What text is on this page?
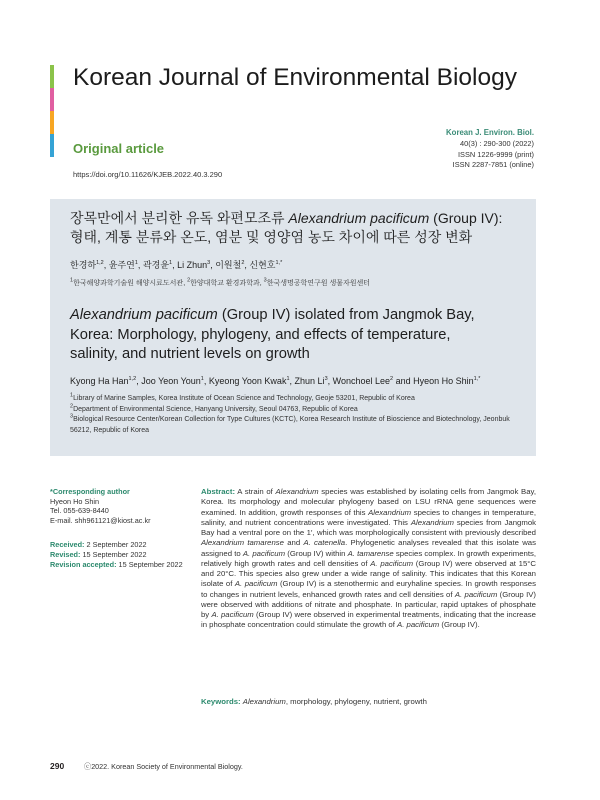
Korean Journal of Environmental Biology
Original article
https://doi.org/10.11626/KJEB.2022.40.3.290
Korean J. Environ. Biol.
40(3) : 290-300 (2022)
ISSN 1226-9999 (print)
ISSN 2287-7851 (online)
장목만에서 분리한 유독 와편모조류 Alexandrium pacificum (Group IV):
형태, 계통 분류와 온도, 염분 및 영양염 농도 차이에 따른 성장 변화
한경하$^{1,2}$, 윤주연$^1$, 곽경윤$^1$, Li Zhun$^3$, 이원철$^2$, 신현호$^{1,*}$
$^1$한국해양과학기술원 해양시료도서관, $^2$한양대학교 환경과학과, $^3$한국생명공학연구원 생물자원센터
Alexandrium pacificum (Group IV) isolated from Jangmok Bay,
Korea: Morphology, phylogeny, and effects of temperature,
salinity, and nutrient levels on growth
Kyong Ha Han$^{1,2}$, Joo Yeon Youn$^1$, Kyeong Yoon Kwak$^1$, Zhun Li$^3$, Wonchoel Lee$^2$ and Hyeon Ho Shin$^{1,*}$
$^1$Library of Marine Samples, Korea Institute of Ocean Science and Technology, Geoje 53201, Republic of Korea
$^2$Department of Environmental Science, Hanyang University, Seoul 04763, Republic of Korea
$^3$Biological Resource Center/Korean Collection for Type Cultures (KCTC), Korea Research Institute of Bioscience and Biotechnology, Jeonbuk 56212, Republic of Korea
*Corresponding author
Hyeon Ho Shin
Tel. 055-639-8440
E-mail. shh961121@kiost.ac.kr
Received: 2 September 2022
Revised: 15 September 2022
Revision accepted: 15 September 2022
Abstract: A strain of Alexandrium species was established by isolating cells from Jangmok Bay, Korea. Its morphology and molecular phylogeny based on LSU rRNA gene sequences were examined. In addition, growth responses of this Alexandrium species to changes in temperature, salinity, and nutrient concentrations were investigated. This Alexandrium species from Jangmok Bay had a ventral pore on the 1′, which was morphologically consistent with previously described Alexandrium tamarense and A. catenella. Phylogenetic analyses revealed that this isolate was assigned to A. pacificum (Group IV) within A. tamarense species complex. In growth experiments, relatively high growth rates and cell densities of A. pacificum (Group IV) were observed at 15°C and 20°C. This species also grew under a wide range of salinity. This indicates that this Korean isolate of A. pacificum (Group IV) is a stenothermic and euryhaline species. In growth responses to changes in nutrient levels, enhanced growth rates and cell densities of A. pacificum (Group IV) were observed with additions of nitrate and phosphate. In particular, rapid uptakes of phosphate by A. pacificum (Group IV) were observed in experimental treatments, indicating that the increase in phosphate concentration could stimulate the growth of A. pacificum (Group IV).
Keywords: Alexandrium, morphology, phylogeny, nutrient, growth
290	ⓒ2022. Korean Society of Environmental Biology.
